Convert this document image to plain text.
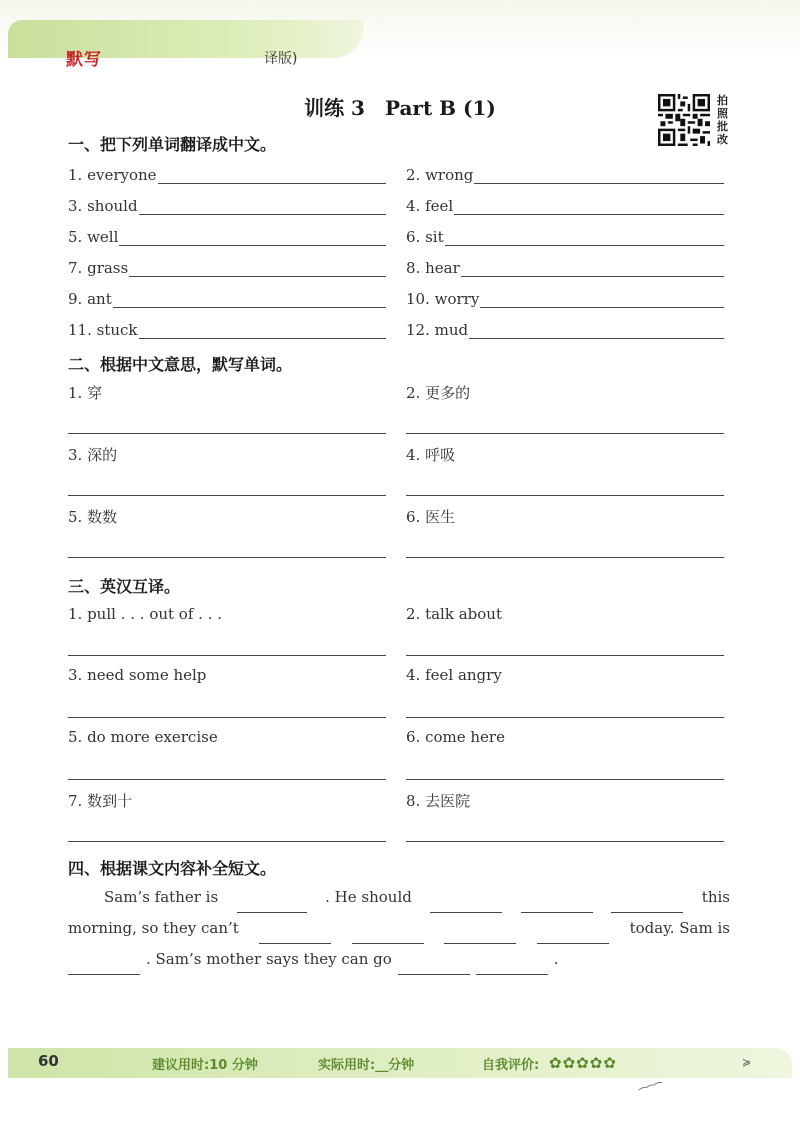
默写	译版)
训练 3　Part B (1)	拍照批改
一、把下列单词翻译成中文。
1. everyone	2. wrong
3. should	4. feel
5. well	6. sit
7. grass	8. hear
9. ant	10. worry
11. stuck	12. mud
二、根据中文意思，默写单词。
1. 穿	2. 更多的
3. 深的	4. 呼吸
5. 数数	6. 医生
三、英汉互译。
1. pull . . . out of . . .	2. talk about
3. need some help	4. feel angry
5. do more exercise	6. come here
7. 数到十	8. 去医院
四、根据课文内容补全短文。
Sam’s father is	. He should	this
morning, so they can’t	today. Sam is
. Sam’s mother says they can go	.
60	建议用时:10 分钟	实际用时:__分钟	自我评价: ✿ ✿ ✿ ✿ ✿	≽
⁀⁀⁀
